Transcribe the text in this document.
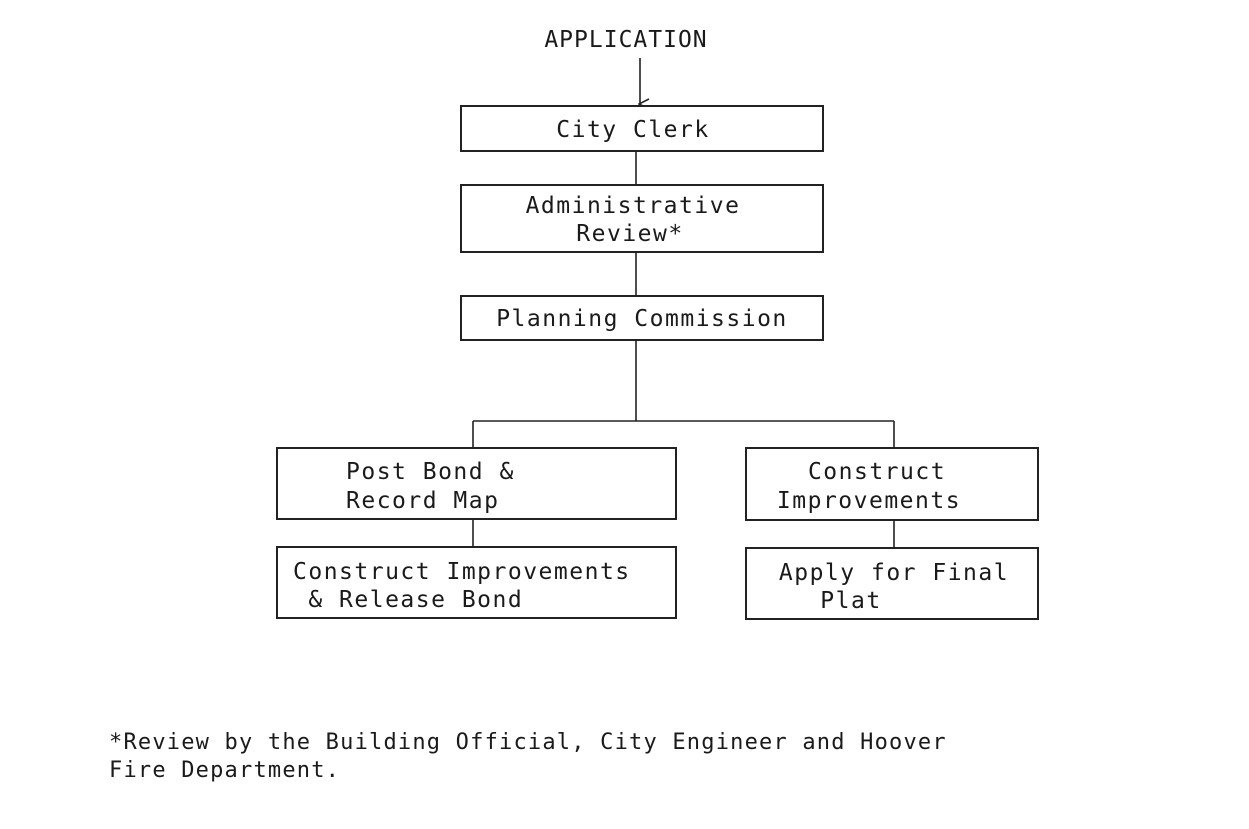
APPLICATION
City Clerk
Administrative
Review*
Planning Commission
Post Bond &
Record Map
Construct Improvements
& Release Bond
Construct
Improvements
Apply for Final
Plat
*Review by the Building Official, City Engineer and Hoover
Fire Department.
